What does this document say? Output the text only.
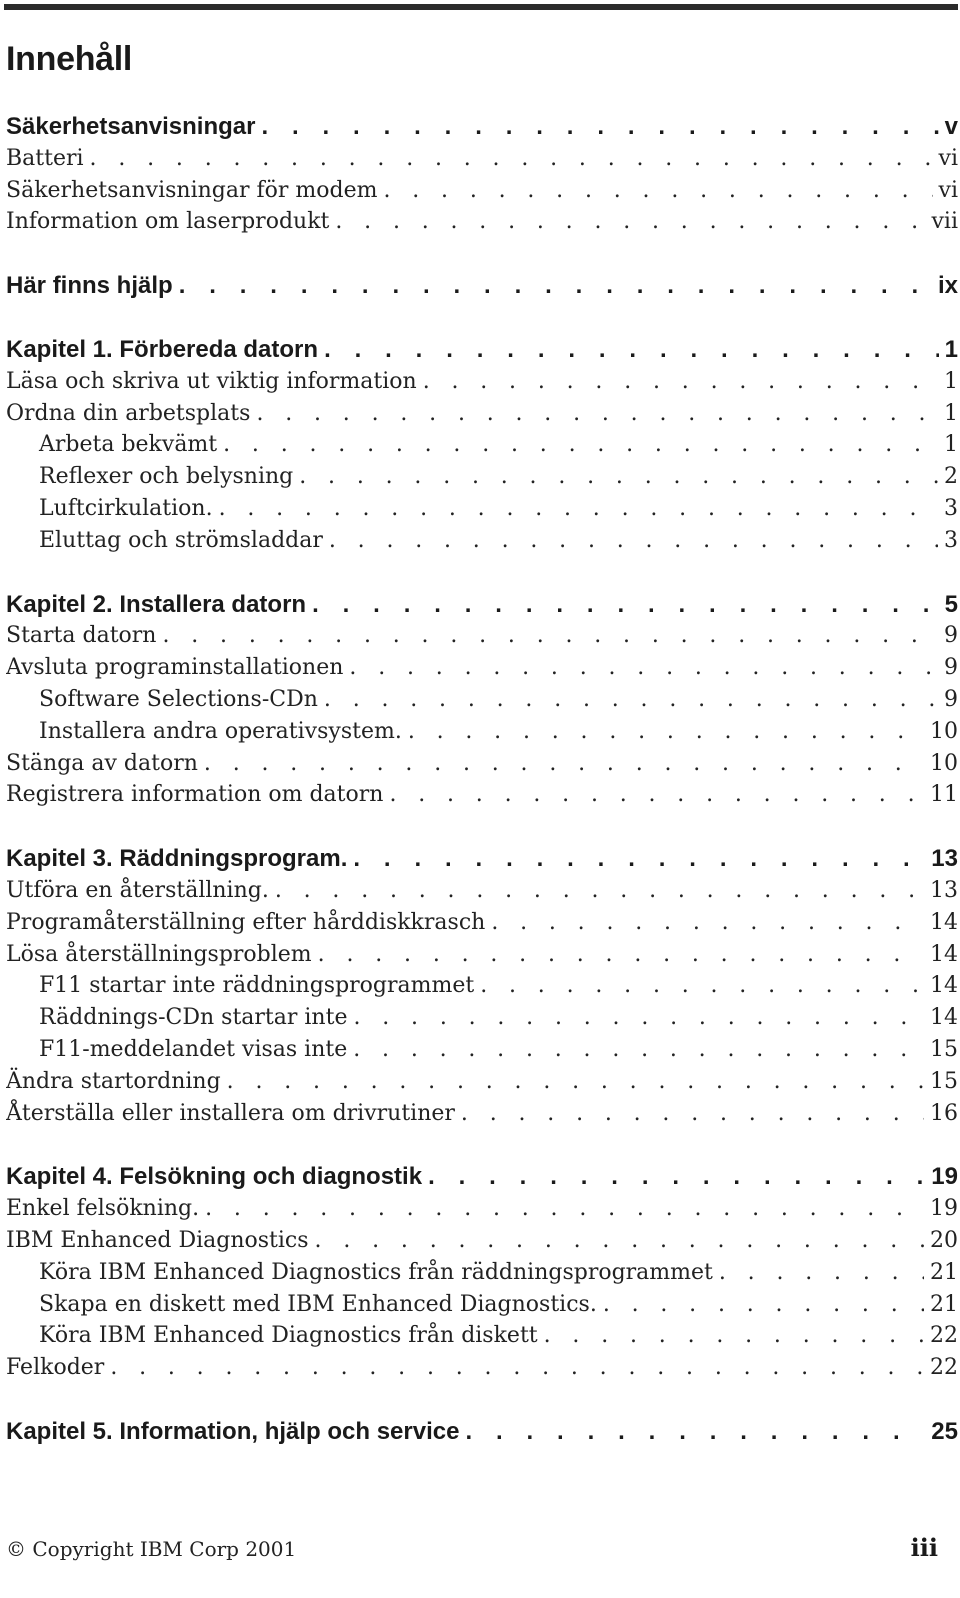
Innehåll
Säkerhetsanvisningar . . .	v
Batteri . . .	vi
Säkerhetsanvisningar för modem . . .	vi
Information om laserprodukt . . .	vii
Här finns hjälp . . .	ix
Kapitel 1. Förbereda datorn . . .	1
Läsa och skriva ut viktig information . . .	1
Ordna din arbetsplats . . .	1
Arbeta bekvämt . . .	1
Reflexer och belysning . . .	2
Luftcirkulation. . . .	3
Eluttag och strömsladdar . . .	3
Kapitel 2. Installera datorn . . .	5
Starta datorn . . .	9
Avsluta programinstallationen . . .	9
Software Selections-CDn . . .	9
Installera andra operativsystem. . . .	10
Stänga av datorn . . .	10
Registrera information om datorn . . .	11
Kapitel 3. Räddningsprogram. . . .	13
Utföra en återställning. . . .	13
Programåterställning efter hårddiskkrasch . . .	14
Lösa återställningsproblem . . .	14
F11 startar inte räddningsprogrammet . . .	14
Räddnings-CDn startar inte . . .	14
F11-meddelandet visas inte . . .	15
Ändra startordning . . .	15
Återställa eller installera om drivrutiner . . .	16
Kapitel 4. Felsökning och diagnostik . . .	19
Enkel felsökning. . . .	19
IBM Enhanced Diagnostics . . .	20
Köra IBM Enhanced Diagnostics från räddningsprogrammet . . .	21
Skapa en diskett med IBM Enhanced Diagnostics. . . .	21
Köra IBM Enhanced Diagnostics från diskett . . .	22
Felkoder . . .	22
Kapitel 5. Information, hjälp och service . . .	25
© Copyright IBM Corp 2001	iii
